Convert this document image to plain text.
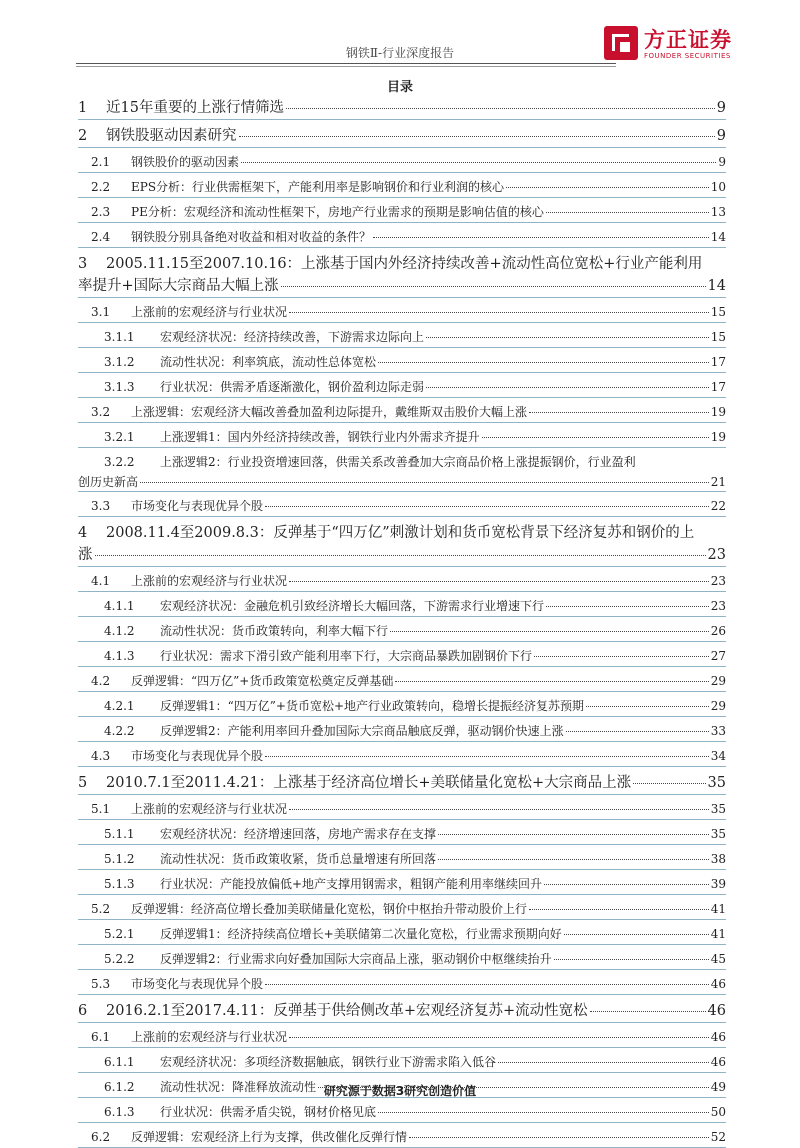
钢铁Ⅱ-行业深度报告
方正证券
FOUNDER SECURITIES
目录
1	近15年重要的上涨行情筛选	9
2	钢铁股驱动因素研究	9
2.1	钢铁股价的驱动因素	9
2.2	EPS分析：行业供需框架下，产能利用率是影响钢价和行业利润的核心	10
2.3	PE分析：宏观经济和流动性框架下，房地产行业需求的预期是影响估值的核心	13
2.4	钢铁股分别具备绝对收益和相对收益的条件？	14
3	2005.11.15至2007.10.16：上涨基于国内外经济持续改善+流动性高位宽松+行业产能利用
率提升+国际大宗商品大幅上涨	14
3.1	上涨前的宏观经济与行业状况	15
3.1.1	宏观经济状况：经济持续改善，下游需求边际向上	15
3.1.2	流动性状况：利率筑底，流动性总体宽松	17
3.1.3	行业状况：供需矛盾逐渐激化，钢价盈利边际走弱	17
3.2	上涨逻辑：宏观经济大幅改善叠加盈利边际提升，戴维斯双击股价大幅上涨	19
3.2.1	上涨逻辑1：国内外经济持续改善，钢铁行业内外需求齐提升	19
3.2.2	上涨逻辑2：行业投资增速回落，供需关系改善叠加大宗商品价格上涨提振钢价，行业盈利
创历史新高	21
3.3	市场变化与表现优异个股	22
4	2008.11.4至2009.8.3：反弹基于“四万亿”刺激计划和货币宽松背景下经济复苏和钢价的上
涨	23
4.1	上涨前的宏观经济与行业状况	23
4.1.1	宏观经济状况：金融危机引致经济增长大幅回落，下游需求行业增速下行	23
4.1.2	流动性状况：货币政策转向，利率大幅下行	26
4.1.3	行业状况：需求下滑引致产能利用率下行，大宗商品暴跌加剧钢价下行	27
4.2	反弹逻辑：“四万亿”+货币政策宽松奠定反弹基础	29
4.2.1	反弹逻辑1：“四万亿”+货币宽松+地产行业政策转向，稳增长提振经济复苏预期	29
4.2.2	反弹逻辑2：产能利用率回升叠加国际大宗商品触底反弹，驱动钢价快速上涨	33
4.3	市场变化与表现优异个股	34
5	2010.7.1至2011.4.21：上涨基于经济高位增长+美联储量化宽松+大宗商品上涨	35
5.1	上涨前的宏观经济与行业状况	35
5.1.1	宏观经济状况：经济增速回落，房地产需求存在支撑	35
5.1.2	流动性状况：货币政策收紧，货币总量增速有所回落	38
5.1.3	行业状况：产能投放偏低+地产支撑用钢需求，粗钢产能利用率继续回升	39
5.2	反弹逻辑：经济高位增长叠加美联储量化宽松，钢价中枢抬升带动股价上行	41
5.2.1	反弹逻辑1：经济持续高位增长+美联储第二次量化宽松，行业需求预期向好	41
5.2.2	反弹逻辑2：行业需求向好叠加国际大宗商品上涨，驱动钢价中枢继续抬升	45
5.3	市场变化与表现优异个股	46
6	2016.2.1至2017.4.11：反弹基于供给侧改革+宏观经济复苏+流动性宽松	46
6.1	上涨前的宏观经济与行业状况	46
6.1.1	宏观经济状况：多项经济数据触底，钢铁行业下游需求陷入低谷	46
6.1.2	流动性状况：降准释放流动性	49
6.1.3	行业状况：供需矛盾尖锐，钢材价格见底	50
6.2	反弹逻辑：宏观经济上行为支撑，供改催化反弹行情	52
研究源于数据3研究创造价值
